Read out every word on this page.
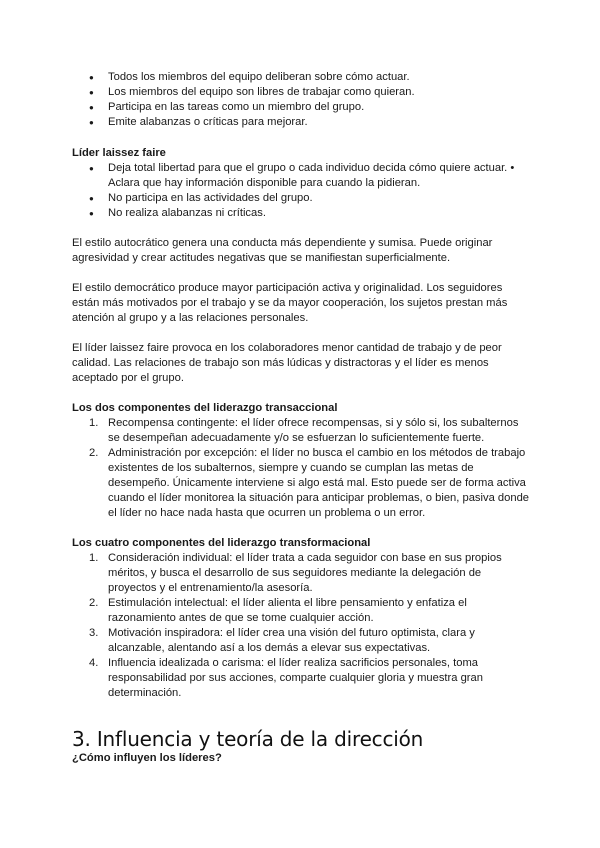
● Todos los miembros del equipo deliberan sobre cómo actuar.
● Los miembros del equipo son libres de trabajar como quieran.
● Participa en las tareas como un miembro del grupo.
● Emite alabanzas o críticas para mejorar.

Líder laissez faire

● Deja total libertad para que el grupo o cada individuo decida cómo quiere actuar. • Aclara que hay información disponible para cuando la pidieran.
● No participa en las actividades del grupo.
● No realiza alabanzas ni críticas.

El estilo autocrático genera una conducta más dependiente y sumisa. Puede originar agresividad y crear actitudes negativas que se manifiestan superficialmente.

El estilo democrático produce mayor participación activa y originalidad. Los seguidores están más motivados por el trabajo y se da mayor cooperación, los sujetos prestan más atención al grupo y a las relaciones personales.

El líder laissez faire provoca en los colaboradores menor cantidad de trabajo y de peor calidad. Las relaciones de trabajo son más lúdicas y distractoras y el líder es menos aceptado por el grupo.

Los dos componentes del liderazgo transaccional

1. Recompensa contingente: el líder ofrece recompensas, si y sólo si, los subalternos se desempeñan adecuadamente y/o se esfuerzan lo suficientemente fuerte.
2. Administración por excepción: el líder no busca el cambio en los métodos de trabajo existentes de los subalternos, siempre y cuando se cumplan las metas de desempeño. Únicamente interviene si algo está mal. Esto puede ser de forma activa cuando el líder monitorea la situación para anticipar problemas, o bien, pasiva donde el líder no hace nada hasta que ocurren un problema o un error.

Los cuatro componentes del liderazgo transformacional

1. Consideración individual: el líder trata a cada seguidor con base en sus propios méritos, y busca el desarrollo de sus seguidores mediante la delegación de proyectos y el entrenamiento/la asesoría.
2. Estimulación intelectual: el líder alienta el libre pensamiento y enfatiza el razonamiento antes de que se tome cualquier acción.
3. Motivación inspiradora: el líder crea una visión del futuro optimista, clara y alcanzable, alentando así a los demás a elevar sus expectativas.
4. Influencia idealizada o carisma: el líder realiza sacrificios personales, toma responsabilidad por sus acciones, comparte cualquier gloria y muestra gran determinación.
3. Influencia y teoría de la dirección

¿Cómo influyen los líderes?
